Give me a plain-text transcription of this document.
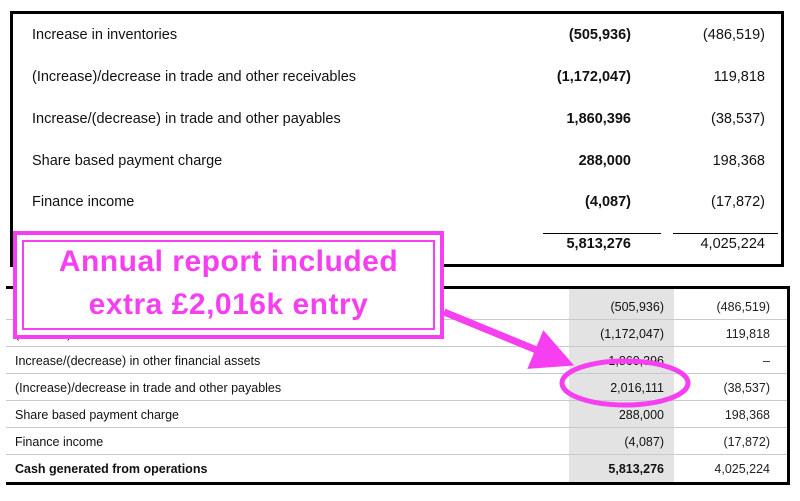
Increase in inventories	(505,936)	(486,519)
(Increase)/decrease in trade and other receivables	(1,172,047)	119,818
Increase/(decrease) in trade and other payables	1,860,396	(38,537)
Share based payment charge	288,000	198,368
Finance income	(4,087)	(17,872)
5,813,276	4,025,224
(505,936)	(486,519)
(1,172,047)	119,818
Increase/(decrease) in other financial assets	1,860,396	–
(Increase)/decrease in trade and other payables	2,016,111	(38,537)
Share based payment charge	288,000	198,368
Finance income	(4,087)	(17,872)
Cash generated from operations	5,813,276	4,025,224
Annual report included
extra £2,016k entry
